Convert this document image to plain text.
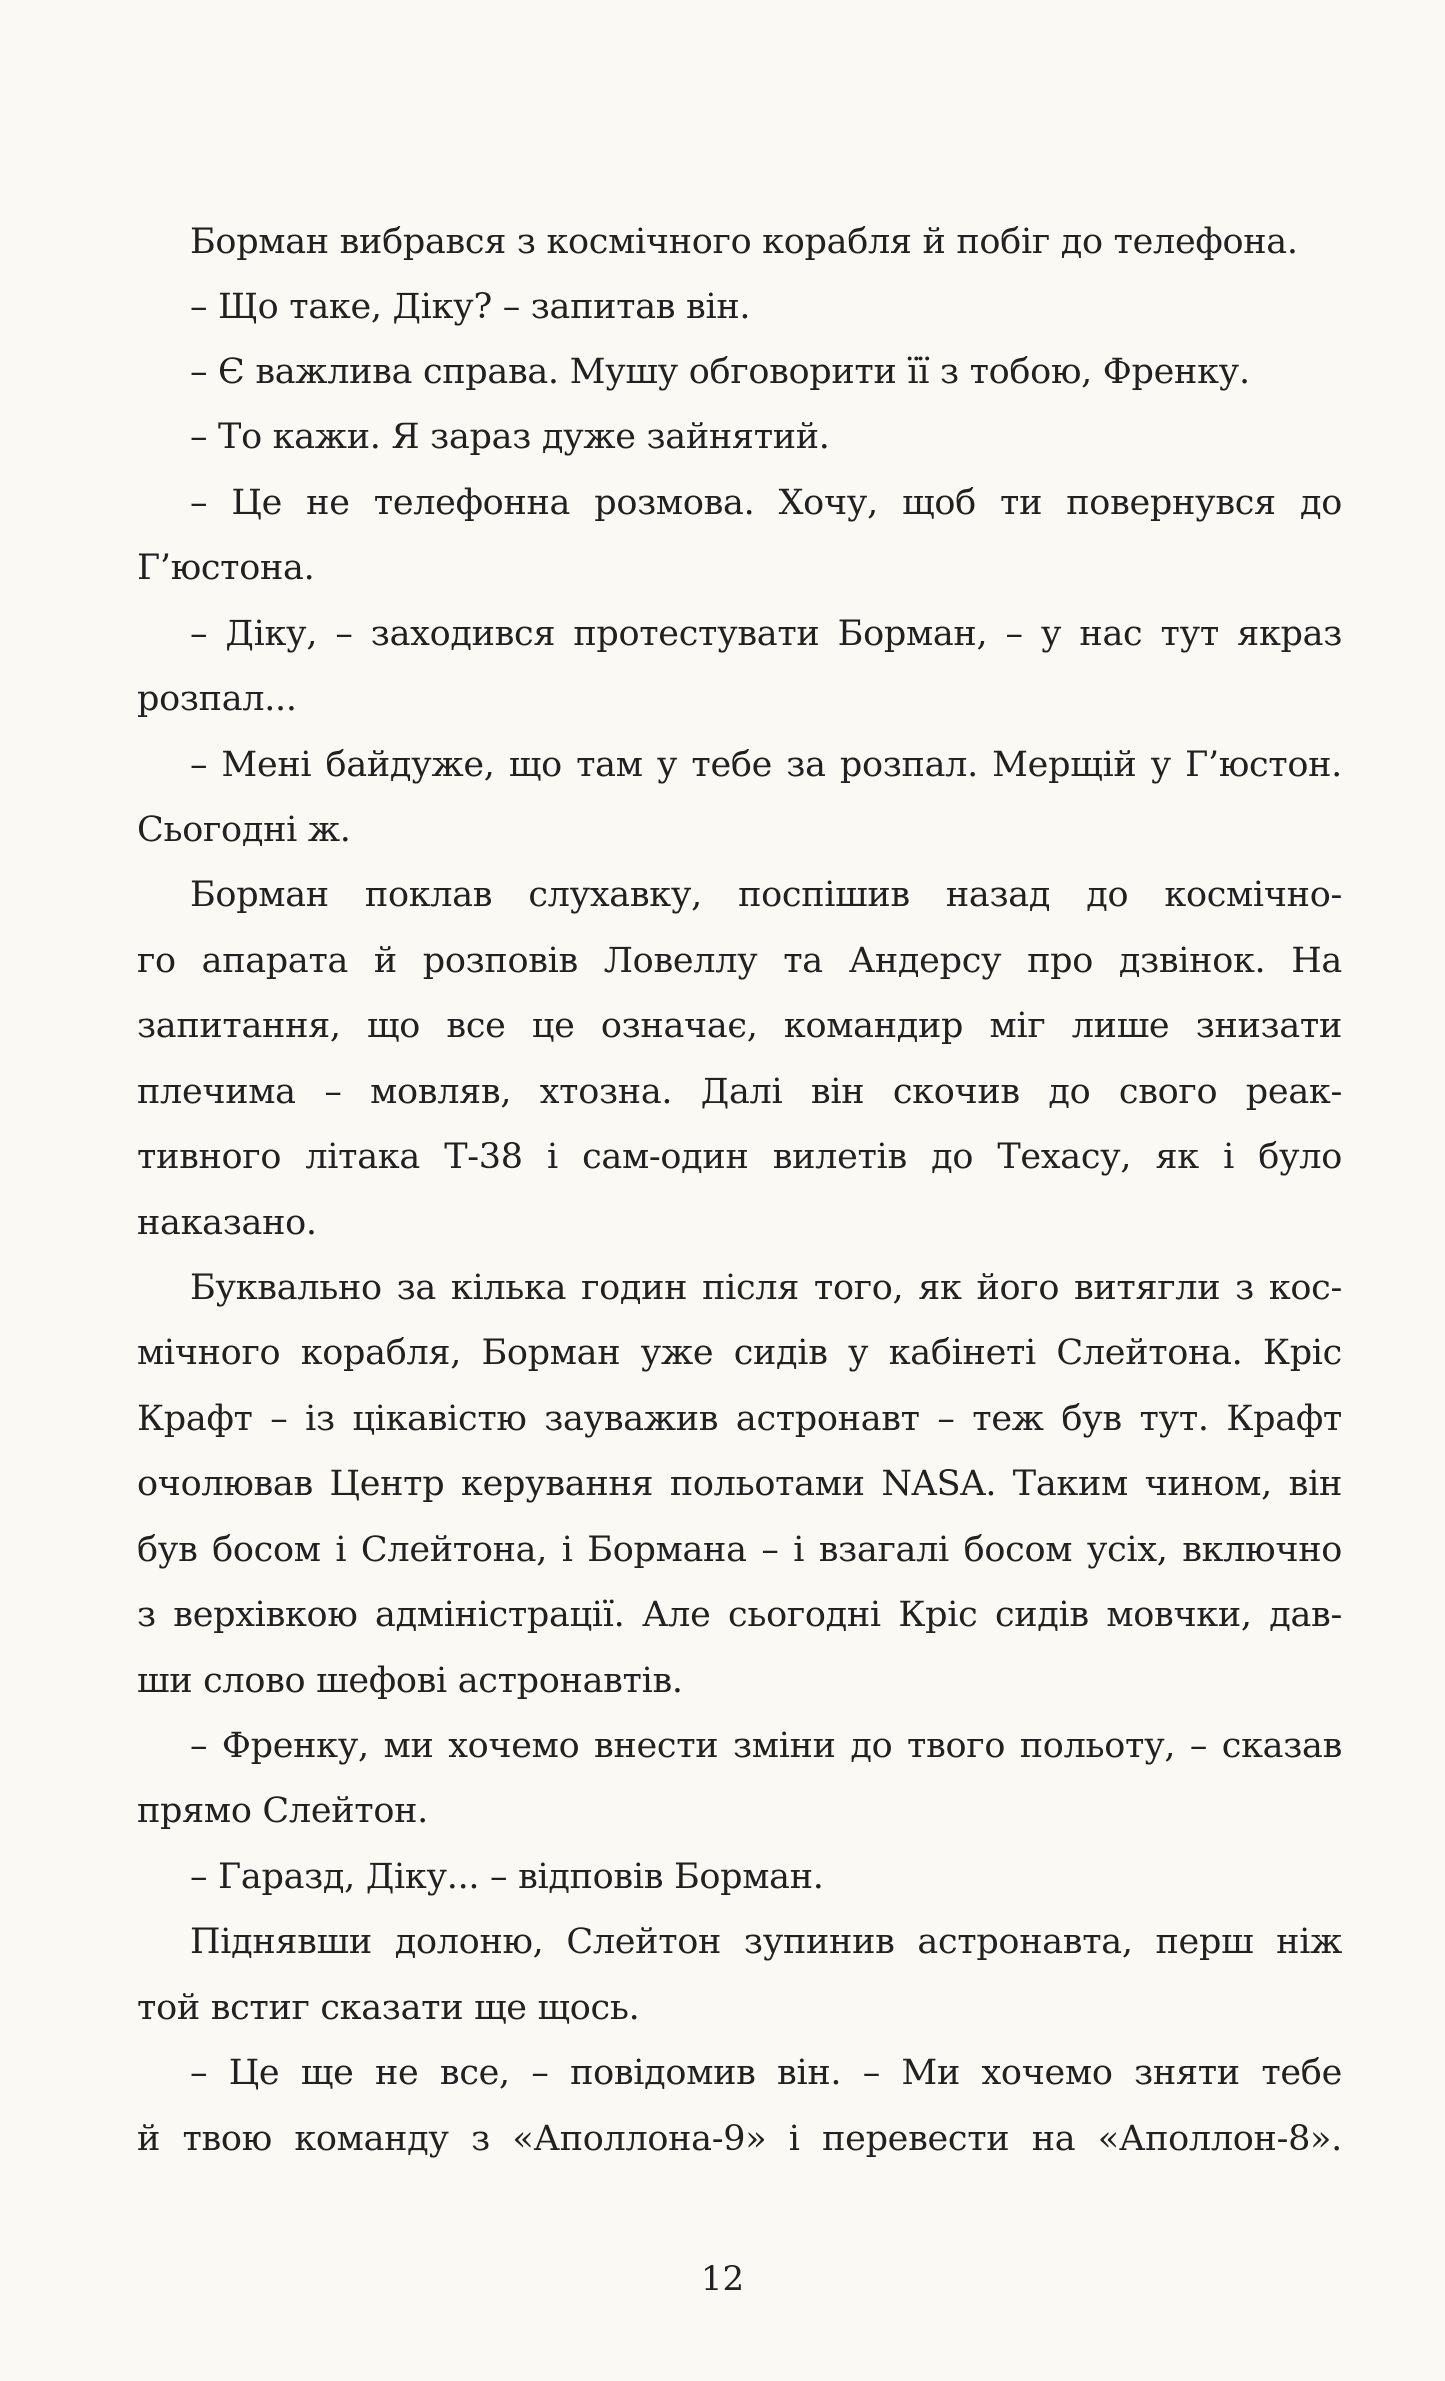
Борман вибрався з космічного корабля й побіг до телефона.
– Що таке, Діку? – запитав він.
– Є важлива справа. Мушу обговорити її з тобою, Френку.
– То кажи. Я зараз дуже зайнятий.
– Це не телефонна розмова. Хочу, щоб ти повернувся до
Г’юстона.
– Діку, – заходився протестувати Борман, – у нас тут якраз
розпал...
– Мені байдуже, що там у тебе за розпал. Мерщій у Г’юстон.
Сьогодні ж.
Борман поклав слухавку, поспішив назад до космічно-
го апарата й розповів Ловеллу та Андерсу про дзвінок. На
запитання, що все це означає, командир міг лише знизати
плечима – мовляв, хтозна. Далі він скочив до свого реак-
тивного літака Т-38 і сам-один вилетів до Техасу, як і було
наказано.
Буквально за кілька годин після того, як його витягли з кос-
мічного корабля, Борман уже сидів у кабінеті Слейтона. Кріс
Крафт – із цікавістю зауважив астронавт – теж був тут. Крафт
очолював Центр керування польотами NASA. Таким чином, він
був босом і Слейтона, і Бормана – і взагалі босом усіх, включно
з верхівкою адміністрації. Але сьогодні Кріс сидів мовчки, дав-
ши слово шефові астронавтів.
– Френку, ми хочемо внести зміни до твого польоту, – сказав
прямо Слейтон.
– Гаразд, Діку... – відповів Борман.
Піднявши долоню, Слейтон зупинив астронавта, перш ніж
той встиг сказати ще щось.
– Це ще не все, – повідомив він. – Ми хочемо зняти тебе
й твою команду з «Аполлона-9» і перевести на «Аполлон-8».
12
